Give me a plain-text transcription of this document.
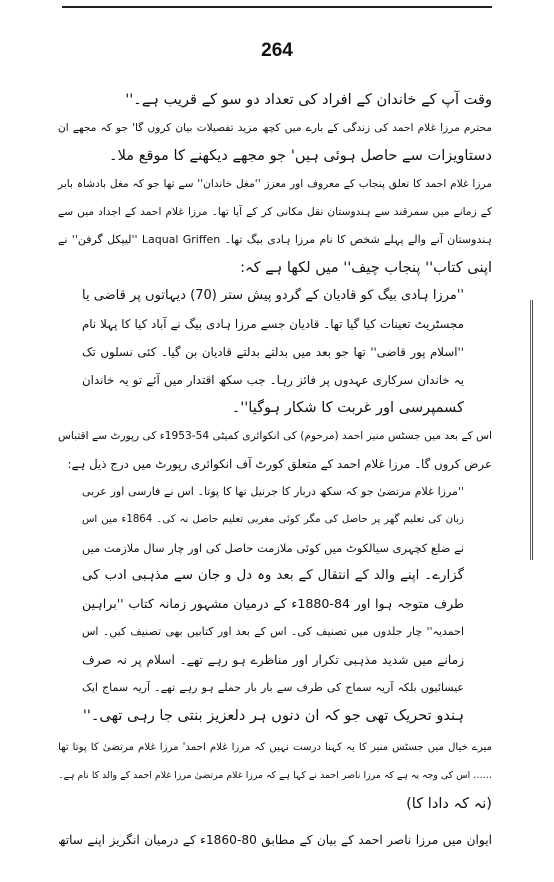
264
وقت آپ کے خاندان کے افراد کی تعداد دو سو کے قریب ہے۔''
محترم مرزا غلام احمد کی زندگی کے بارے میں کچھ مزید تفصیلات بیان کروں گا' جو کہ مجھے ان
دستاویزات سے حاصل ہوئی ہیں' جو مجھے دیکھنے کا موقع ملا۔
مرزا غلام احمد کا تعلق پنجاب کے معروف اور معزز ''مغل خاندان'' سے تھا جو کہ مغل بادشاہ بابر
کے زمانے میں سمرقند سے ہندوستان نقل مکانی کر کے آیا تھا۔ مرزا غلام احمد کے اجداد میں سے
ہندوستان آنے والے پہلے شخص کا نام مرزا ہادی بیگ تھا۔ Laqual Griffen ''لیپکل گرفن'' نے
اپنی کتاب'' پنجاب چیف'' میں لکھا ہے کہ:
''مرزا ہادی بیگ کو قادیان کے گردو پیش ستر (70) دیہاتوں پر قاضی یا
مجسٹریٹ تعینات کیا گیا تھا۔ قادیان جسے مرزا ہادی بیگ نے آباد کیا کا پہلا نام
''اسلام پور قاضی'' تھا جو بعد میں بدلتے بدلتے قادیان بن گیا۔ کئی نسلوں تک
یہ خاندان سرکاری عہدوں پر فائز رہا۔ جب سکھ اقتدار میں آئے تو یہ خاندان
کسمپرسی اور غربت کا شکار ہوگیا''۔
اس کے بعد میں جسٹس منیر احمد (مرحوم) کی انکوائری کمیٹی 54-1953ء کی رپورٹ سے اقتباس
عرض کروں گا۔ مرزا غلام احمد کے متعلق کورٹ آف انکوائری رپورٹ میں درج ذیل ہے:
''مرزا غلام مرتضیٰ جو کہ سکھ دربار کا جرنیل تھا کا پوتا۔ اس نے فارسی اور عربی
زبان کی تعلیم گھر پر حاصل کی مگر کوئی مغربی تعلیم حاصل نہ کی۔ 1864ء میں اس
نے ضلع کچہری سیالکوٹ میں کوئی ملازمت حاصل کی اور چار سال ملازمت میں
گزارے۔ اپنے والد کے انتقال کے بعد وہ دل و جان سے مذہبی ادب کی
طرف متوجہ ہوا اور 84-1880ء کے درمیان مشہور زمانہ کتاب ''براہین
احمدیہ'' چار جلدوں میں تصنیف کی۔ اس کے بعد اور کتابیں بھی تصنیف کیں۔ اس
زمانے میں شدید مذہبی تکرار اور مناظرے ہو رہے تھے۔ اسلام پر نہ صرف
عیسائیوں بلکہ آریہ سماج کی طرف سے بار بار حملے ہو رہے تھے۔ آریہ سماج ایک
ہندو تحریک تھی جو کہ ان دنوں ہر دلعزیز بنتی جا رہی تھی۔''
میرے خیال میں جسٹس منیر کا یہ کہنا درست نہیں کہ مرزا غلام احمد' مرزا غلام مرتضیٰ کا پوتا تھا
…… اس کی وجہ یہ ہے کہ مرزا ناصر احمد نے کہا ہے کہ مرزا غلام مرتضیٰ مرزا غلام احمد کے والد کا نام ہے۔
(نہ کہ دادا کا)
ایوان میں مرزا ناصر احمد کے بیان کے مطابق 80-1860ء کے درمیان انگریز اپنے ساتھ
